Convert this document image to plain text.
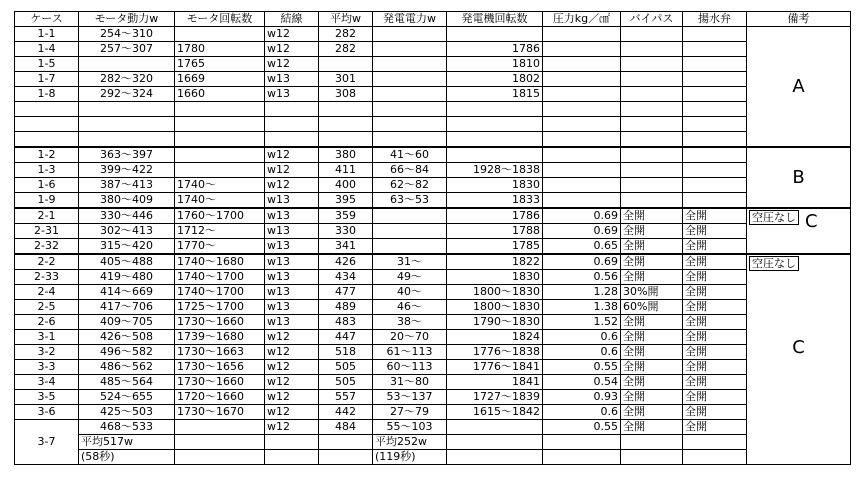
ケース	モータ動力w	モータ回転数	結線	平均w	発電電力w	発電機回転数	圧力kg／㎠	バイパス	揚水弁	備考
1-1	254～310		w12	282						A
1-4	257～307	1780	w12	282		1786				
1-5		1765	w12			1810				
1-7	282～320	1669	w13	301		1802				
1-8	292～324	1660	w13	308		1815				

1-2	363～397		w12	380	41～60					B
1-3	399～422		w12	411	66～84	1928～1838				
1-6	387～413	1740～	w12	400	62～82	1830				
1-9	380～409	1740～	w13	395	63～53	1833				
2-1	330～446	1760～1700	w13	359		1786	0.69	全開	全開	空圧なし C
2-31	302～413	1712～	w13	330		1788	0.69	全開	全開	
2-32	315～420	1770～	w13	341		1785	0.65	全開	全開	
2-2	405～488	1740～1680	w13	426	31～	1822	0.69	全開	全開	空圧なし
C

2-33	419～480	1740～1700	w13	434	49～	1830	0.56	全開	全開	
2-4	414～669	1740～1700	w13	477	40～	1800～1830	1.28	30%開	全開	
2-5	417～706	1725～1700	w13	489	46～	1800～1830	1.38	60%開	全開	
2-6	409～705	1730～1660	w13	483	38～	1790～1830	1.52	全開	全開	
3-1	426～508	1739～1680	w12	447	20～70	1824	0.6	全開	全開	
3-2	496～582	1730～1663	w12	518	61～113	1776～1838	0.6	全開	全開	
3-3	486～562	1730～1656	w12	505	60～113	1776～1841	0.55	全開	全開	
3-4	485～564	1730～1660	w12	505	31～80	1841	0.54	全開	全開	
3-5	524～655	1720～1660	w12	557	53～137	1727～1839	0.93	全開	全開	
3-6	425～503	1730～1670	w12	442	27～79	1615～1842	0.6	全開	全開	
3-7	468～533		w12	484	55～103		0.55	全開	全開	
	平均517w				平均252w					
	(58秒)				(119秒)					
